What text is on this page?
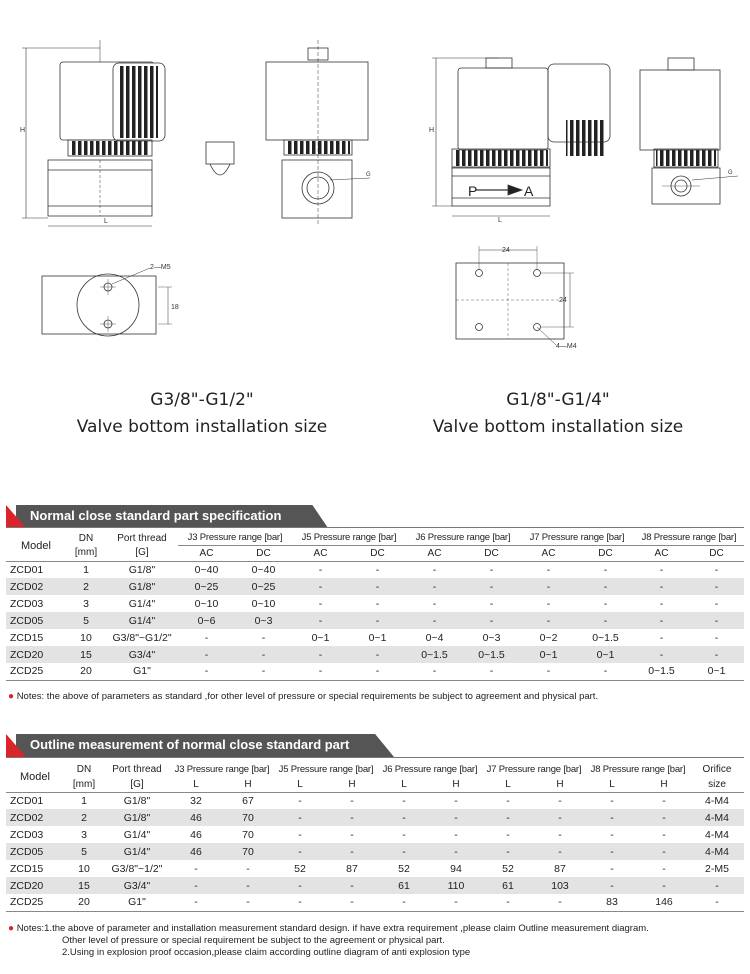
H
L
G
2—M5
18
H
P	A
L
G
24
24
4—M4
G3/8"-G1/2"
Valve bottom installation size
G1/8"-G1/4"
Valve bottom installation size
Normal close standard part specification
Model	DN	Port thread	J3 Pressure range [bar]		J5 Pressure range [bar]		J6 Pressure range [bar]		J7 Pressure range [bar]		J8 Pressure range [bar]	
	[mm]	[G]	AC	DC	AC	DC	AC	DC	AC	DC	AC	DC
ZCD01	1	G1/8"	0~40	0~40	-	-	-	-	-	-	-	-
ZCD02	2	G1/8"	0~25	0~25	-	-	-	-	-	-	-	-
ZCD03	3	G1/4"	0~10	0~10	-	-	-	-	-	-	-	-
ZCD05	5	G1/4"	0~6	0~3	-	-	-	-	-	-	-	-
ZCD15	10	G3/8"~G1/2"	-	-	0~1	0~1	0~4	0~3	0~2	0~1.5	-	-
ZCD20	15	G3/4"	-	-	-	-	0~1.5	0~1.5	0~1	0~1	-	-
ZCD25	20	G1"	-	-	-	-	-	-	-	-	0~1.5	0~1
● Notes: the above of parameters as standard ,for other level of pressure or special requirements be subject to agreement and physical part.
Outline measurement of normal close standard part
Model	DN	Port thread	J3 Pressure range [bar]		J5 Pressure range [bar]		J6 Pressure range [bar]		J7 Pressure range [bar]		J8 Pressure range [bar]		Orifice
	[mm]	[G]	L	H	L	H	L	H	L	H	L	H	size
ZCD01	1	G1/8"	32	67	-	-	-	-	-	-	-	-	4-M4
ZCD02	2	G1/8"	46	70	-	-	-	-	-	-	-	-	4-M4
ZCD03	3	G1/4"	46	70	-	-	-	-	-	-	-	-	4-M4
ZCD05	5	G1/4"	46	70	-	-	-	-	-	-	-	-	4-M4
ZCD15	10	G3/8"~1/2"	-	-	52	87	52	94	52	87	-	-	2-M5
ZCD20	15	G3/4"	-	-	-	-	61	110	61	103	-	-	-
ZCD25	20	G1"	-	-	-	-	-	-	-	-	83	146	-
● Notes:1.the above of parameter and installation measurement standard design. if have extra requirement ,please claim Outline measurement diagram.
Other level of pressure or special requirement be subject to the agreement or physical part.
2.Using in explosion proof occasion,please claim according outline diagram of anti explosion type
